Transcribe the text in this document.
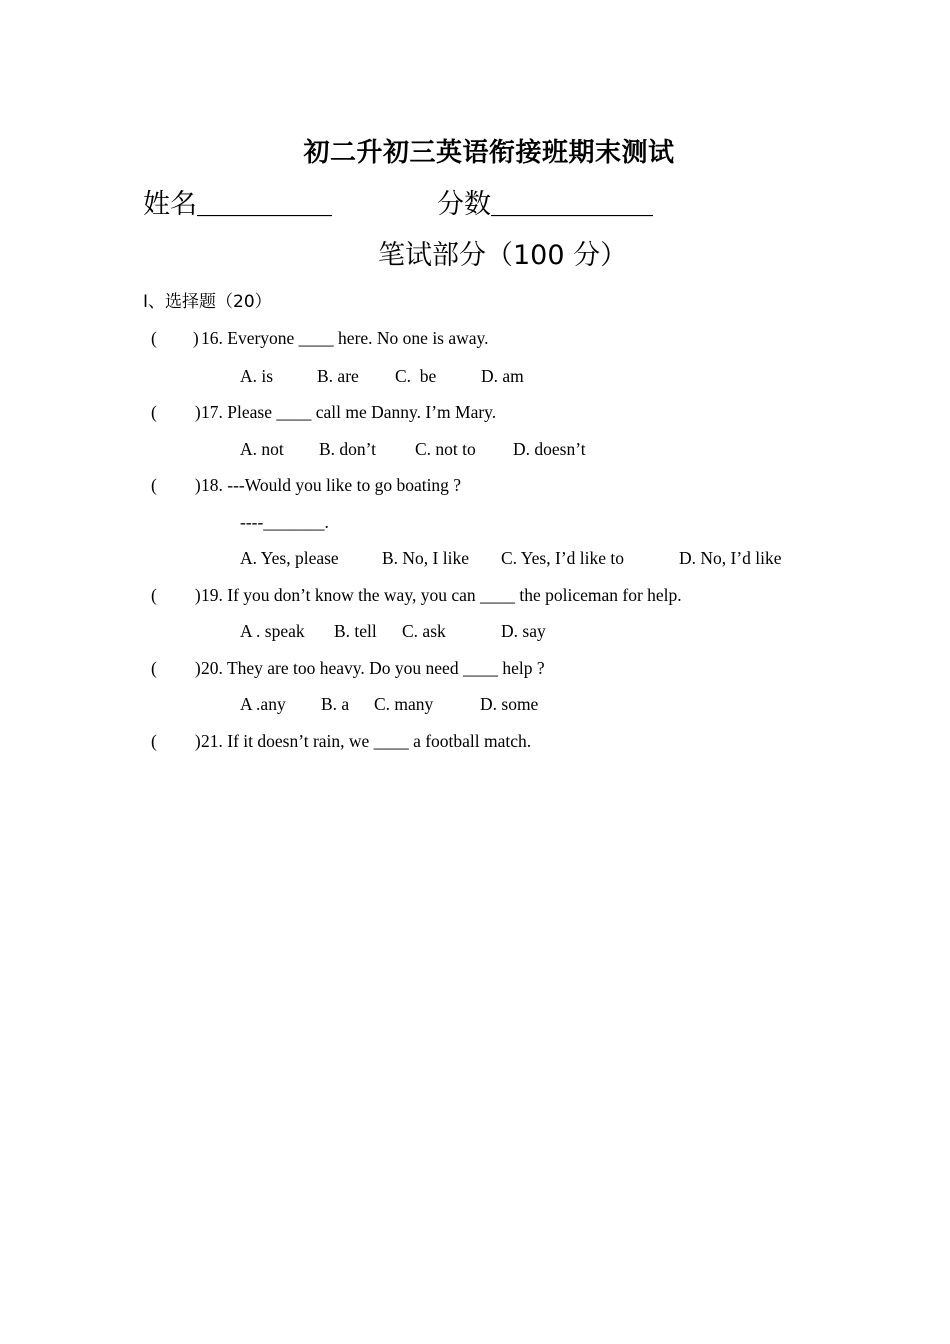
初二升初三英语衔接班期末测试
姓名＿＿＿＿＿	分数＿＿＿＿＿＿
笔试部分（100 分）
I、选择题（20）
( ) 16. Everyone ____ here. No one is away.

A. is

	B. are

C.  be

	D. am

( )17. Please ____ call me Danny. I’m Mary.

A. not

B. don’t

C. not to

D. doesn’t

( )18. ---Would you like to go boating ?
----_______.

A. Yes, please

B. No, I like

C. Yes, I’d like to

	D. No, I’d like

( )19. If you don’t know the way, you can ____ the policeman for help.

A . speak

B. tell

C. ask

	D. say

( )20. They are too heavy. Do you need ____ help ?

A .any

B. a

C. many

	D. some

( )21. If it doesn’t rain, we ____ a football match.
